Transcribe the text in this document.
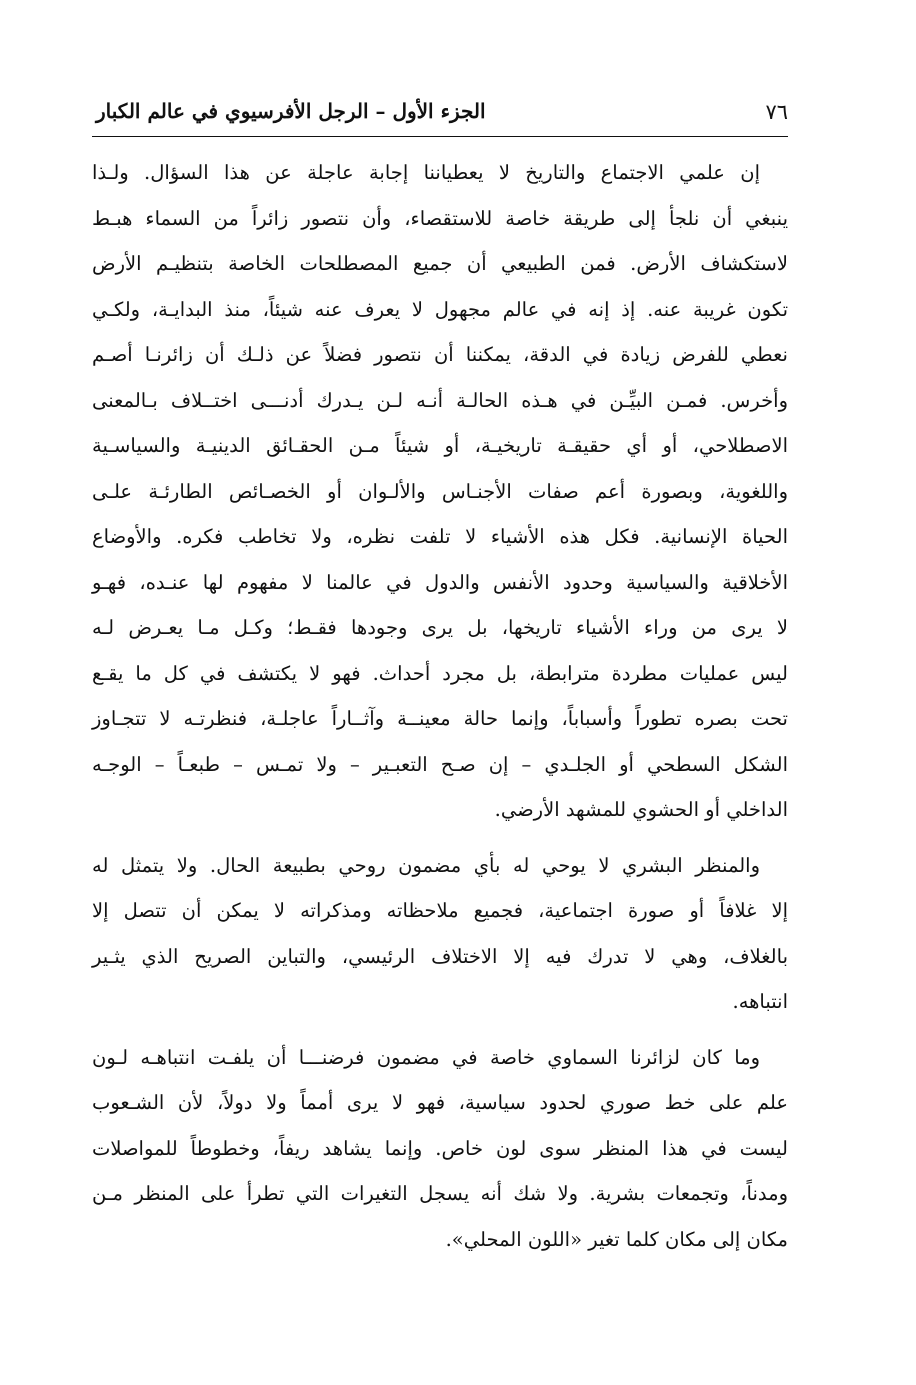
٧٦
الجزء الأول – الرجل الأفرسيوي في عالم الكبار
إن علمي الاجتماع والتاريخ لا يعطياننا إجابة عاجلة عن هذا السؤال. ولـذا
ينبغي أن نلجأ إلى طريقة خاصة للاستقصاء، وأن نتصور زائراً من السماء هبـط
لاستكشاف الأرض. فمن الطبيعي أن جميع المصطلحات الخاصة بتنظيـم الأرض
تكون غريبة عنه. إذ إنه في عالم مجهول لا يعرف عنه شيئاً، منذ البدايـة، ولكـي
نعطي للفرض زيادة في الدقة، يمكننا أن نتصور فضلاً عن ذلـك أن زائرنـا أصـم
وأخرس. فمـن البيِّـن في هـذه الحالـة أنـه لـن يـدرك أدنـــى اختــلاف بـالمعنى
الاصطلاحي، أو أي حقيقـة تاريخيـة، أو شيئاً مـن الحقـائق الدينيـة والسياسـية
واللغوية، وبصورة أعم صفات الأجنـاس والألـوان أو الخصـائص الطارئـة علـى
الحياة الإنسانية. فكل هذه الأشياء لا تلفت نظره، ولا تخاطب فكره. والأوضاع
الأخلاقية والسياسية وحدود الأنفس والدول في عالمنا لا مفهوم لها عنـده، فهـو
لا يرى من وراء الأشياء تاريخها، بل يرى وجودها فقـط؛ وكـل مـا يعـرض لـه
ليس عمليات مطردة مترابطة، بل مجرد أحداث. فهو لا يكتشف في كل ما يقـع
تحت بصره تطوراً وأسباباً، وإنما حالة معينــة وآثــاراً عاجلـة، فنظرتـه لا تتجـاوز
الشكل السطحي أو الجلـدي – إن صـح التعبـير – ولا تمـس – طبعـاً – الوجـه
الداخلي أو الحشوي للمشهد الأرضي.
والمنظر البشري لا يوحي له بأي مضمون روحي بطبيعة الحال. ولا يتمثل له
إلا غلافاً أو صورة اجتماعية، فجميع ملاحظاته ومذكراته لا يمكن أن تتصل إلا
بالغلاف، وهي لا تدرك فيه إلا الاختلاف الرئيسي، والتباين الصريح الذي يثـير
انتباهه.
وما كان لزائرنا السماوي خاصة في مضمون فرضنـــا أن يلفـت انتباهـه لـون
علم على خط صوري لحدود سياسية، فهو لا يرى أمماً ولا دولاً، لأن الشـعوب
ليست في هذا المنظر سوى لون خاص. وإنما يشاهد ريفاً، وخطوطاً للمواصلات
ومدناً، وتجمعات بشرية. ولا شك أنه يسجل التغيرات التي تطرأ على المنظر مـن
مكان إلى مكان كلما تغير «اللون المحلي».
